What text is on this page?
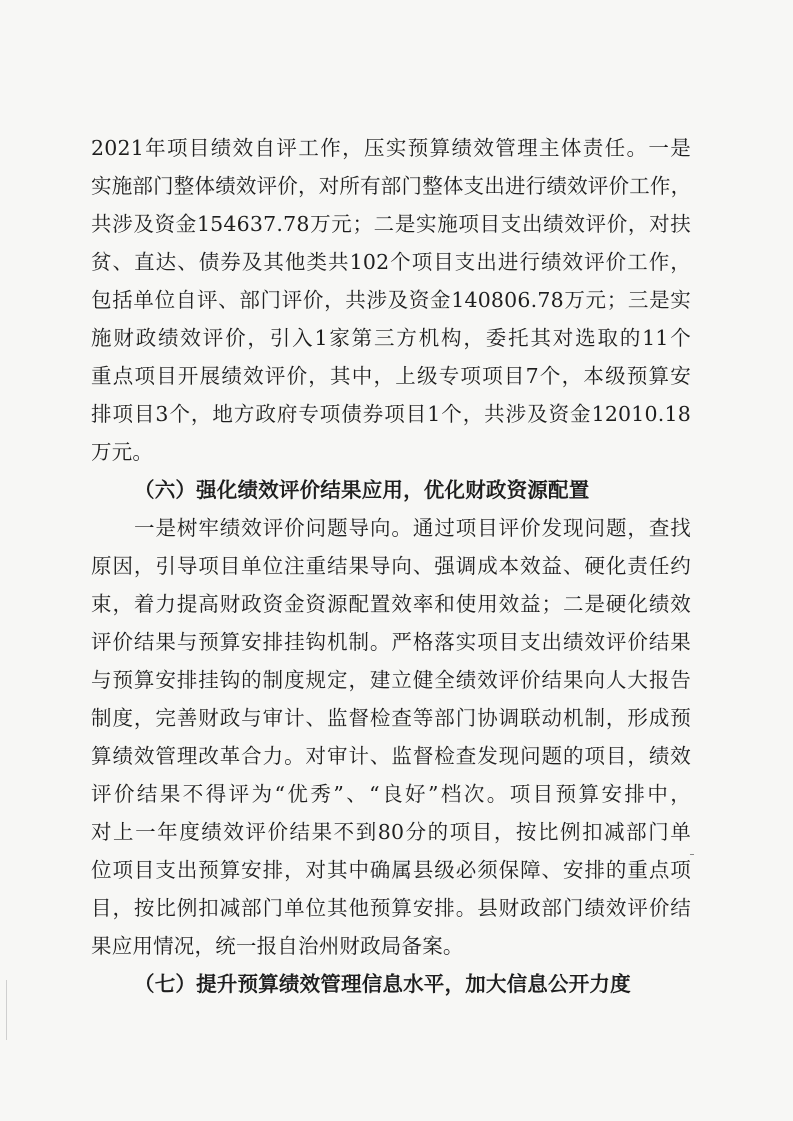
2021年项目绩效自评工作，压实预算绩效管理主体责任。一是
实施部门整体绩效评价，对所有部门整体支出进行绩效评价工作，
共涉及资金154637.78万元；二是实施项目支出绩效评价，对扶
贫、直达、债券及其他类共102个项目支出进行绩效评价工作，
包括单位自评、部门评价，共涉及资金140806.78万元；三是实
施财政绩效评价，引入1家第三方机构，委托其对选取的11个
重点项目开展绩效评价，其中，上级专项项目7个，本级预算安
排项目3个，地方政府专项债券项目1个，共涉及资金12010.18
万元。
（六）强化绩效评价结果应用，优化财政资源配置
一是树牢绩效评价问题导向。通过项目评价发现问题，查找
原因，引导项目单位注重结果导向、强调成本效益、硬化责任约
束，着力提高财政资金资源配置效率和使用效益；二是硬化绩效
评价结果与预算安排挂钩机制。严格落实项目支出绩效评价结果
与预算安排挂钩的制度规定，建立健全绩效评价结果向人大报告
制度，完善财政与审计、监督检查等部门协调联动机制，形成预
算绩效管理改革合力。对审计、监督检查发现问题的项目，绩效
评价结果不得评为“优秀”、“良好”档次。项目预算安排中，
对上一年度绩效评价结果不到80分的项目，按比例扣减部门单
位项目支出预算安排，对其中确属县级必须保障、安排的重点项
目，按比例扣减部门单位其他预算安排。县财政部门绩效评价结
果应用情况，统一报自治州财政局备案。
（七）提升预算绩效管理信息水平，加大信息公开力度
